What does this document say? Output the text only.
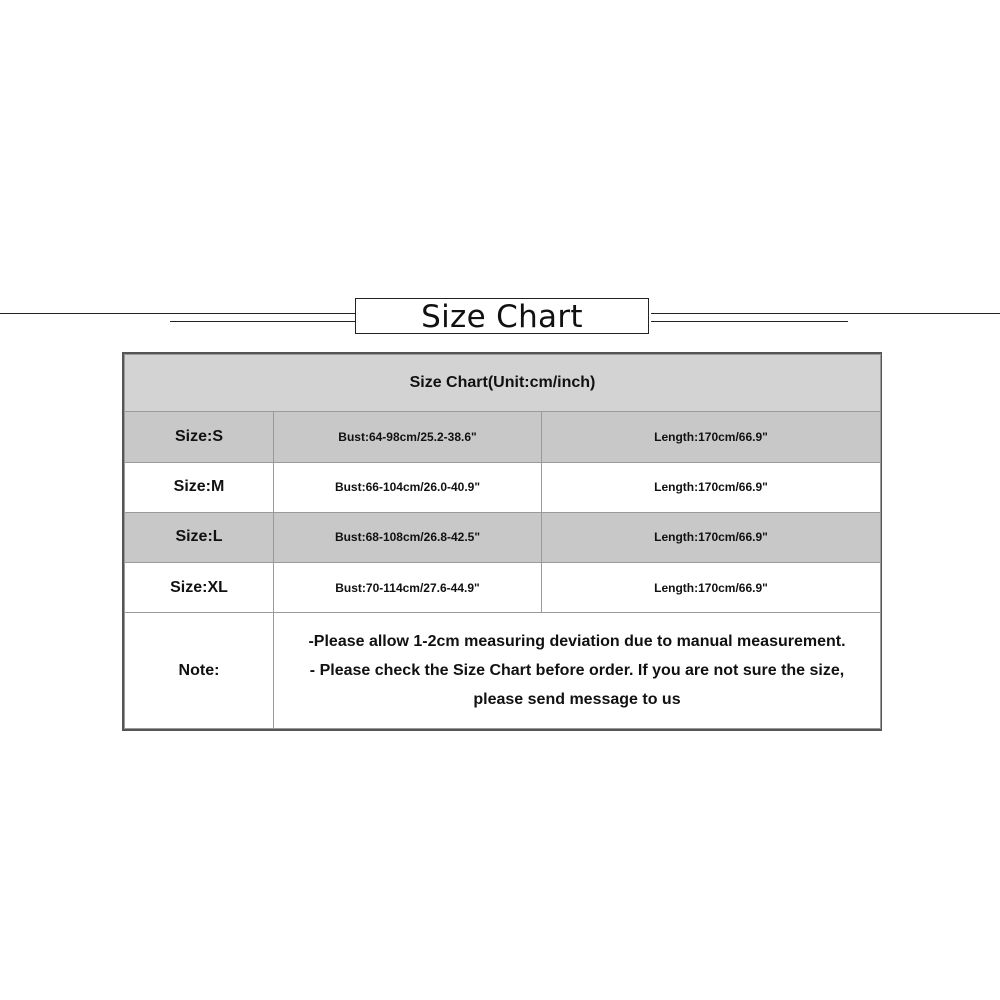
Size Chart
Size Chart(Unit:cm/inch)		
Size:S	Bust:64-98cm/25.2-38.6"	Length:170cm/66.9"
Size:M	Bust:66-104cm/26.0-40.9"	Length:170cm/66.9"
Size:L	Bust:68-108cm/26.8-42.5"	Length:170cm/66.9"
Size:XL	Bust:70-114cm/27.6-44.9"	Length:170cm/66.9"
Note:	-Please allow 1-2cm measuring deviation due to manual measurement.
- Please check the Size Chart before order. If you are not sure the size,
please send message to us	
